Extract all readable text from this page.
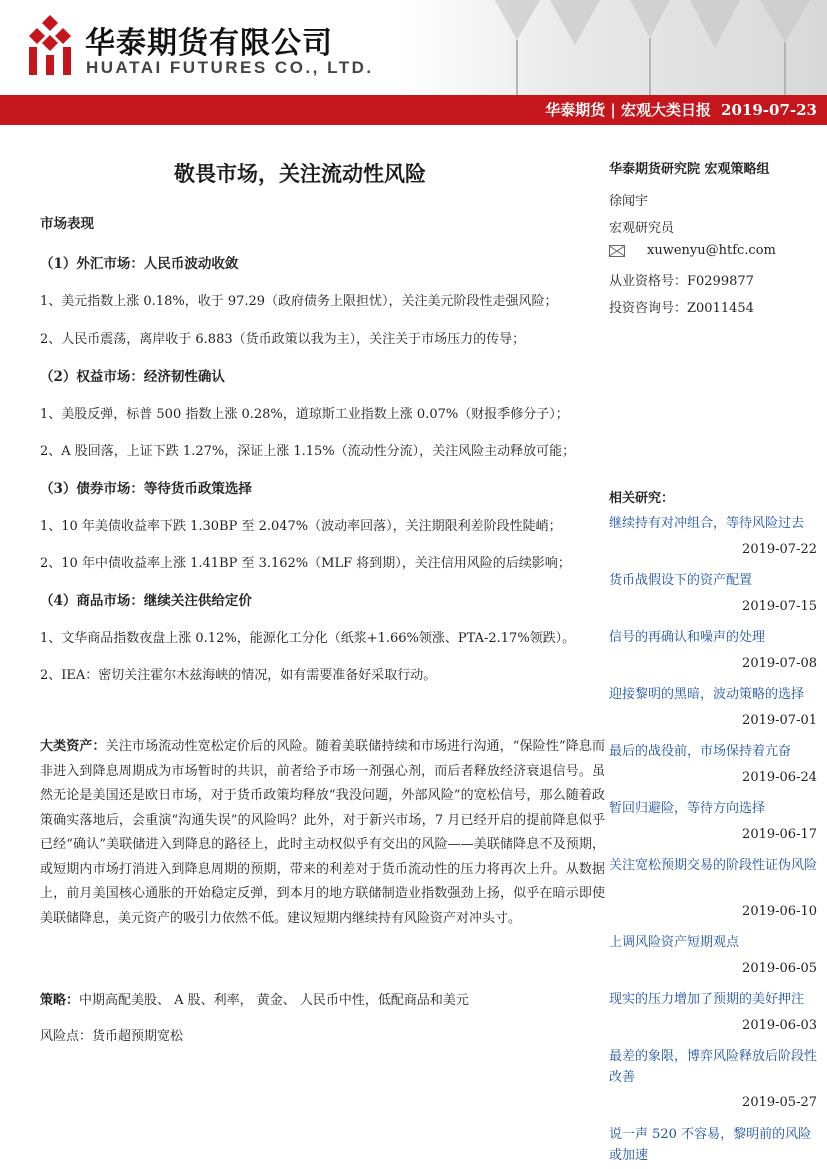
华泰期货有限公司
HUATAI FUTURES CO., LTD.
华泰期货 | 宏观大类日报 2019-07-23
敬畏市场，关注流动性风险
市场表现
（1）外汇市场：人民币波动收敛
1、美元指数上涨 0.18%，收于 97.29（政府债务上限担忧），关注美元阶段性走强风险；
2、人民币震荡，离岸收于 6.883（货币政策以我为主），关注关于市场压力的传导；
（2）权益市场：经济韧性确认
1、美股反弹，标普 500 指数上涨 0.28%，道琼斯工业指数上涨 0.07%（财报季修分子）；
2、A 股回落，上证下跌 1.27%，深证上涨 1.15%（流动性分流），关注风险主动释放可能；
（3）债券市场：等待货币政策选择
1、10 年美债收益率下跌 1.30BP 至 2.047%（波动率回落），关注期限利差阶段性陡峭；
2、10 年中债收益率上涨 1.41BP 至 3.162%（MLF 将到期），关注信用风险的后续影响；
（4）商品市场：继续关注供给定价
1、文华商品指数夜盘上涨 0.12%，能源化工分化（纸浆+1.66%领涨、PTA-2.17%领跌）。
2、IEA：密切关注霍尔木兹海峡的情况，如有需要准备好采取行动。
大类资产：关注市场流动性宽松定价后的风险。随着美联储持续和市场进行沟通，“保险性”降息而非进入到降息周期成为市场暂时的共识，前者给予市场一剂强心剂，而后者释放经济衰退信号。虽然无论是美国还是欧日市场，对于货币政策均释放“我没问题，外部风险”的宽松信号，那么随着政策确实落地后，会重演“沟通失误”的风险吗？此外，对于新兴市场，7 月已经开启的提前降息似乎已经“确认”美联储进入到降息的路径上，此时主动权似乎有交出的风险——美联储降息不及预期，或短期内市场打消进入到降息周期的预期，带来的利差对于货币流动性的压力将再次上升。从数据上，前月美国核心通胀的开始稳定反弹，到本月的地方联储制造业指数强劲上扬，似乎在暗示即使美联储降息，美元资产的吸引力依然不低。建议短期内继续持有风险资产对冲头寸。
策略：中期高配美股、 A 股、利率， 黄金、 人民币中性，低配商品和美元
风险点：货币超预期宽松
华泰期货研究院 宏观策略组
徐闻宇
宏观研究员
xuwenyu@htfc.com
从业资格号：F0299877
投资咨询号：Z0011454
相关研究：
继续持有对冲组合，等待风险过去
2019-07-22
货币战假设下的资产配置
2019-07-15
信号的再确认和噪声的处理
2019-07-08
迎接黎明的黑暗，波动策略的选择
2019-07-01
最后的战役前，市场保持着亢奋
2019-06-24
暂回归避险，等待方向选择
2019-06-17
关注宽松预期交易的阶段性证伪风险
2019-06-10
上调风险资产短期观点
2019-06-05
现实的压力增加了预期的美好押注
2019-06-03
最差的象限，博弈风险释放后阶段性改善
2019-05-27
说一声 520 不容易，黎明前的风险或加速
